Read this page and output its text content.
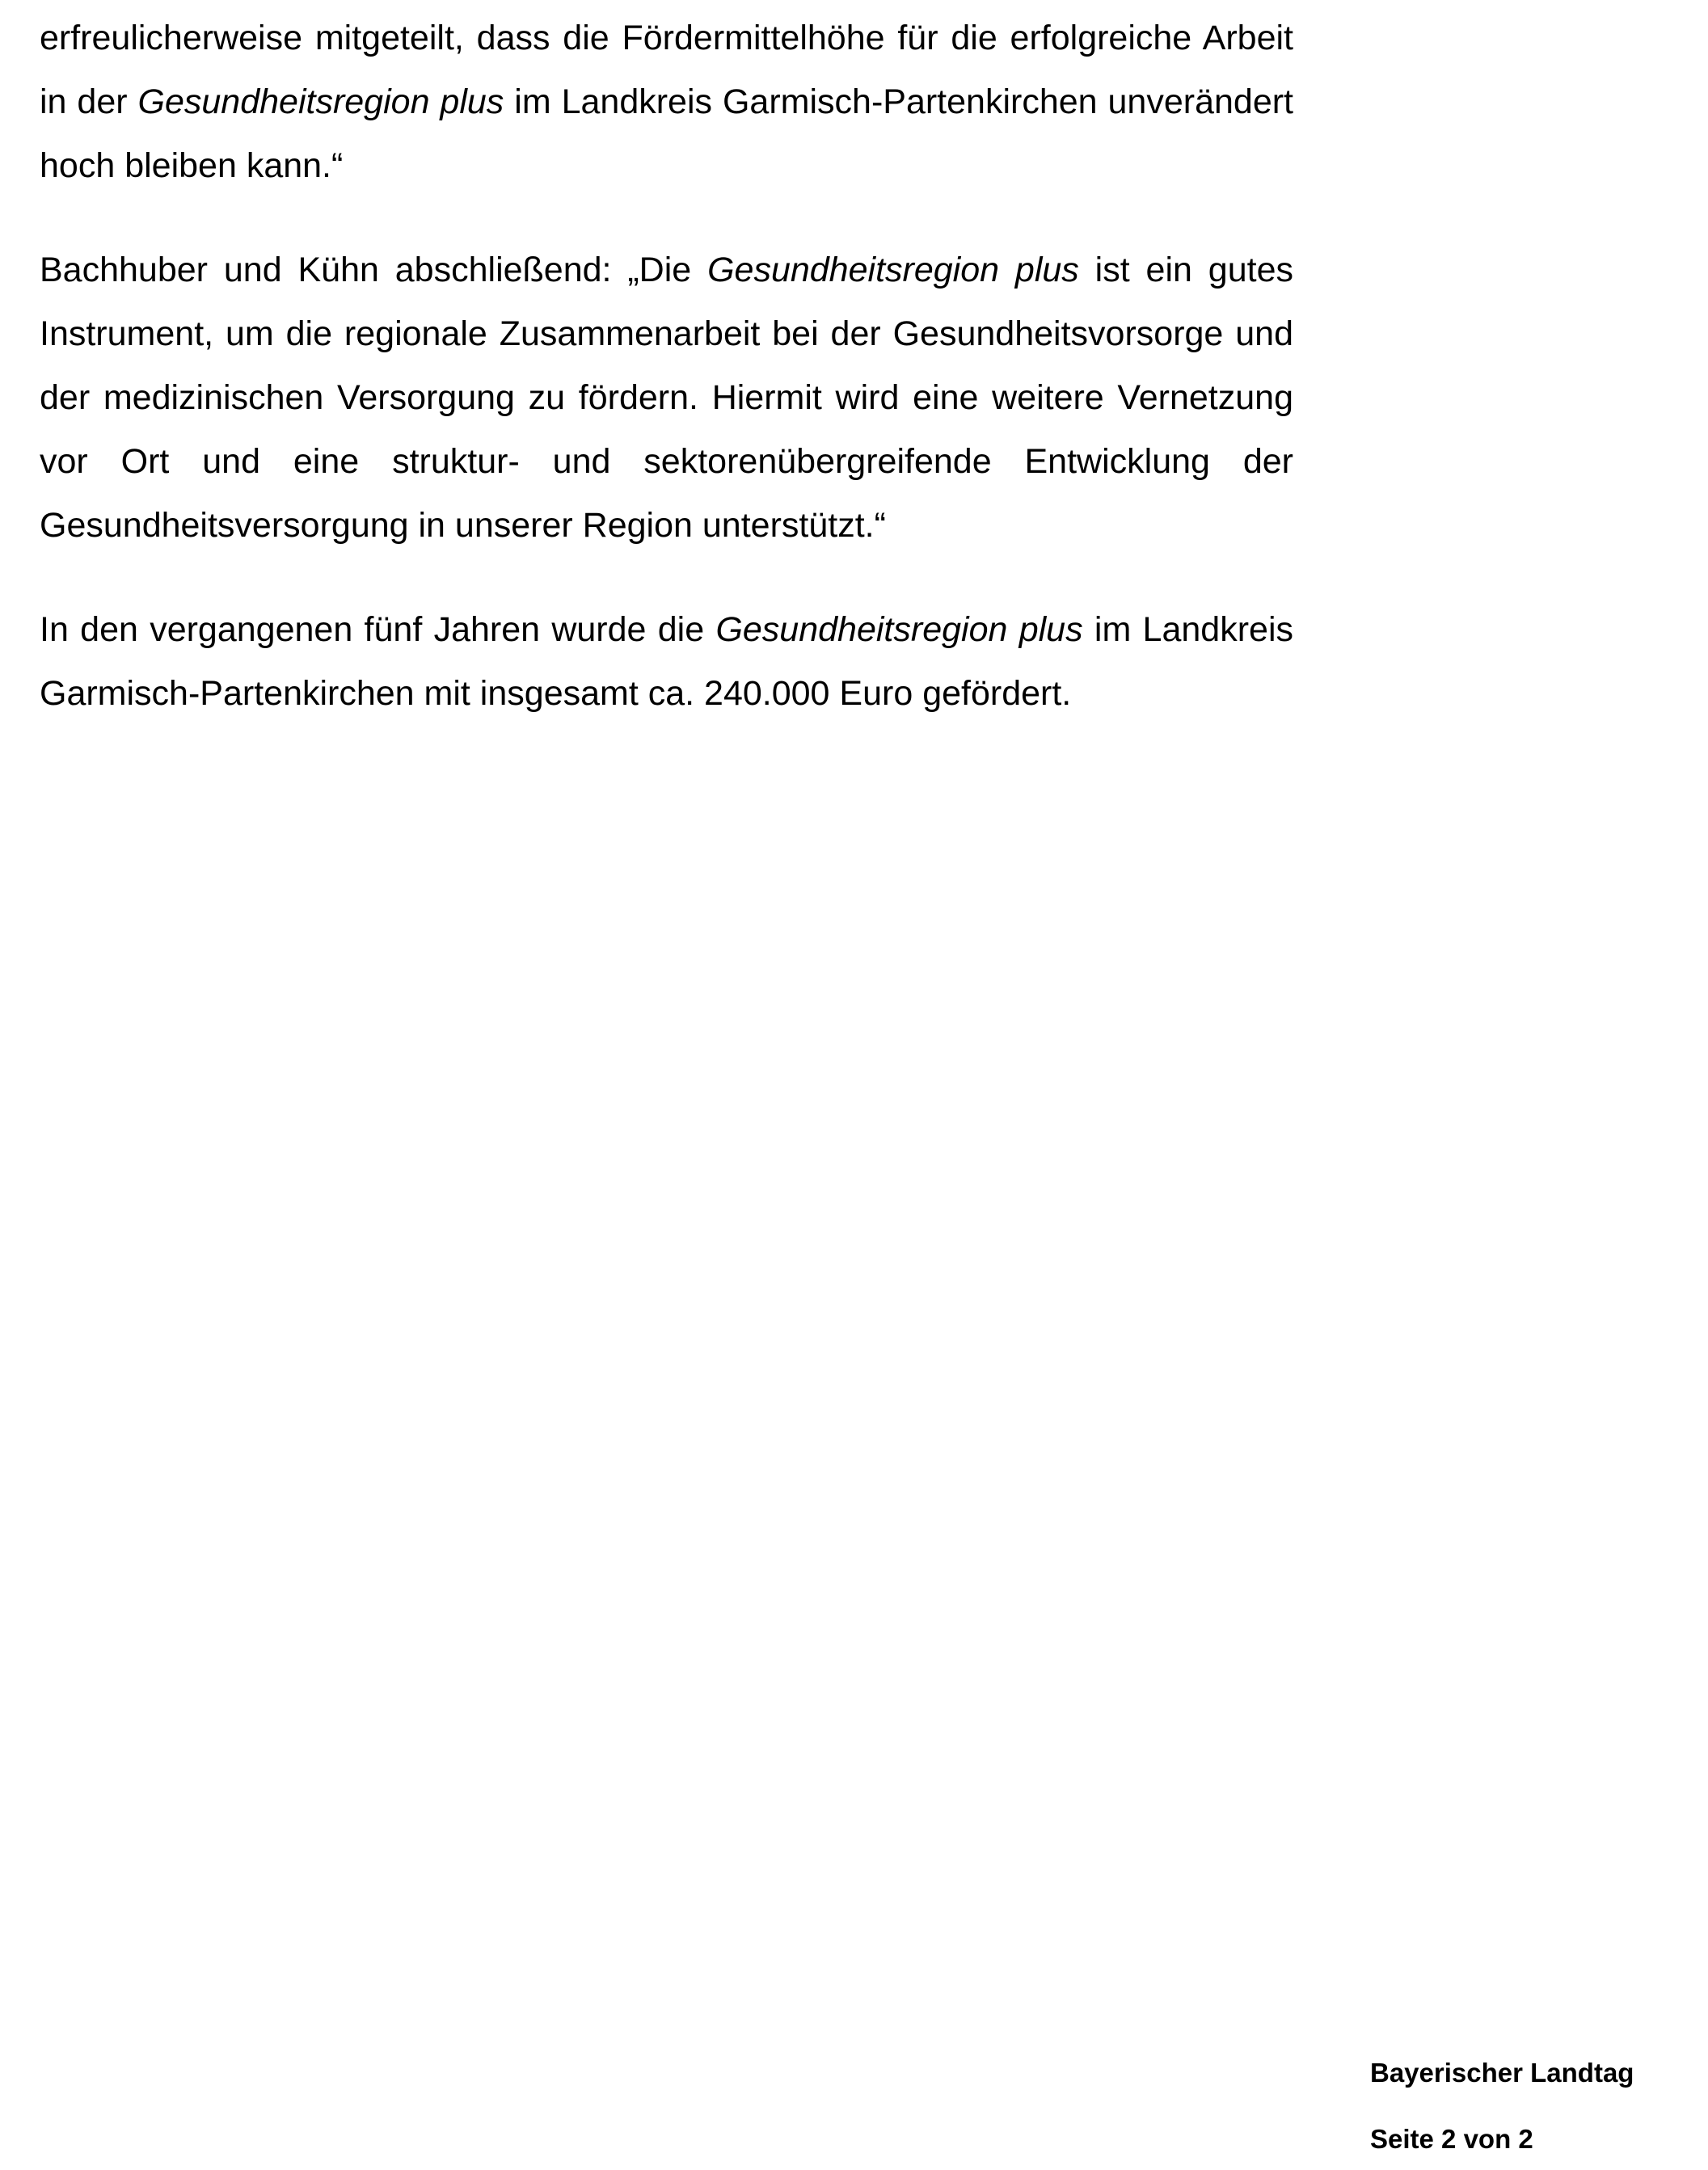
erfreulicherweise mitgeteilt, dass die Fördermittelhöhe für die erfolgreiche Arbeit in der Gesundheitsregion plus im Landkreis Garmisch-Partenkirchen unverändert hoch bleiben kann.“

Bachhuber und Kühn abschließend: „Die Gesundheitsregion plus ist ein gutes Instrument, um die regionale Zusammenarbeit bei der Gesundheitsvorsorge und der medizinischen Versorgung zu fördern. Hiermit wird eine weitere Vernetzung vor Ort und eine struktur- und sektorenübergreifende Entwicklung der Gesundheitsversorgung in unserer Region unterstützt.“

In den vergangenen fünf Jahren wurde die Gesundheitsregion plus im Landkreis Garmisch-Partenkirchen mit insgesamt ca. 240.000 Euro gefördert.

Bayerischer Landtag

Seite 2 von 2
